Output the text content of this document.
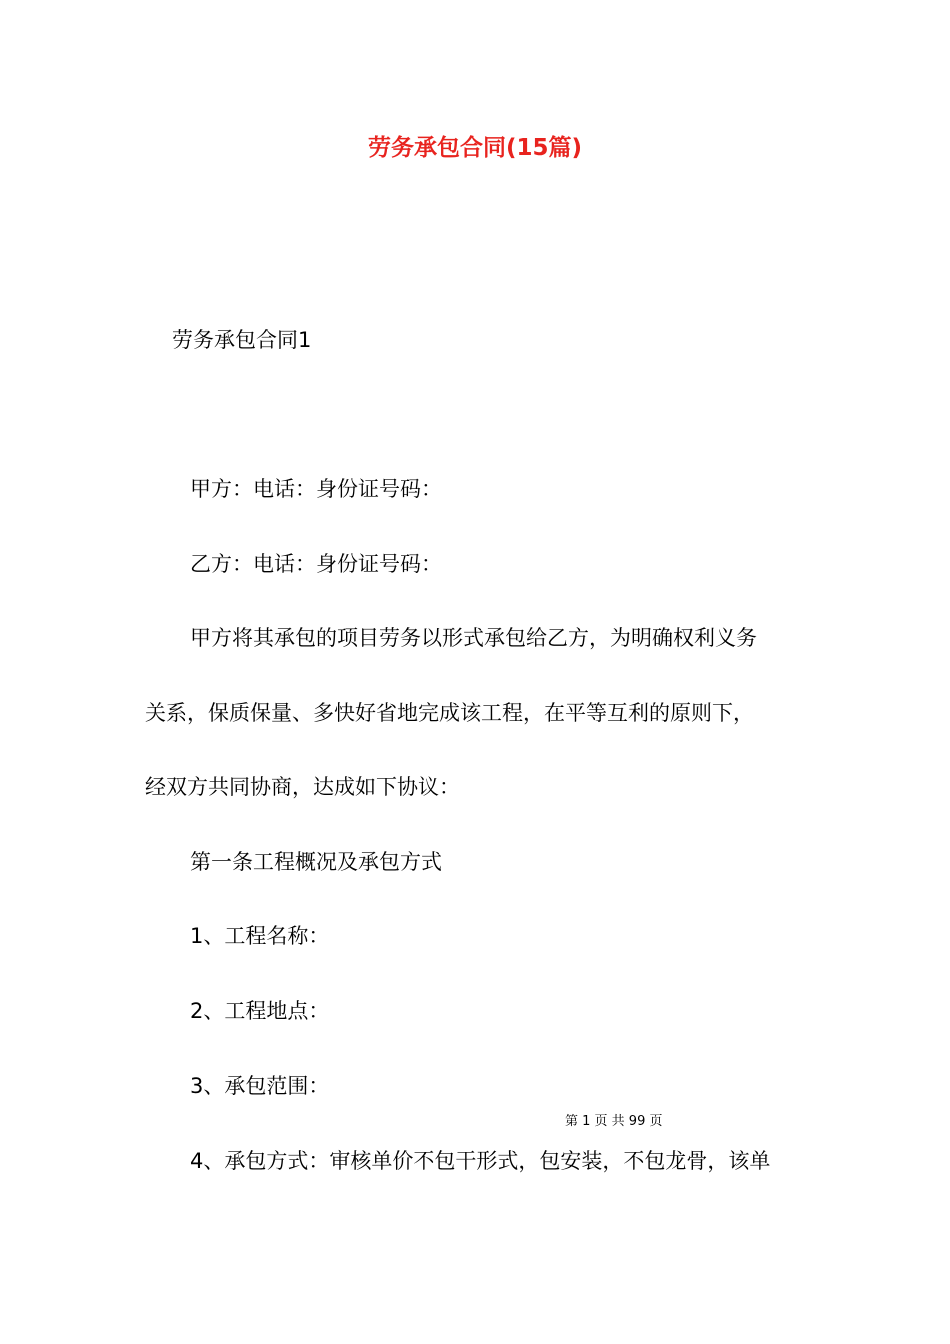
劳务承包合同(15篇)
劳务承包合同1
甲方：电话：身份证号码：
乙方：电话：身份证号码：
甲方将其承包的项目劳务以形式承包给乙方，为明确权利义务
关系，保质保量、多快好省地完成该工程，在平等互利的原则下，
经双方共同协商，达成如下协议：
第一条工程概况及承包方式
1、工程名称：
2、工程地点：
3、承包范围：
第 1 页 共 99 页
4、承包方式：审核单价不包干形式，包安装，不包龙骨，该单
